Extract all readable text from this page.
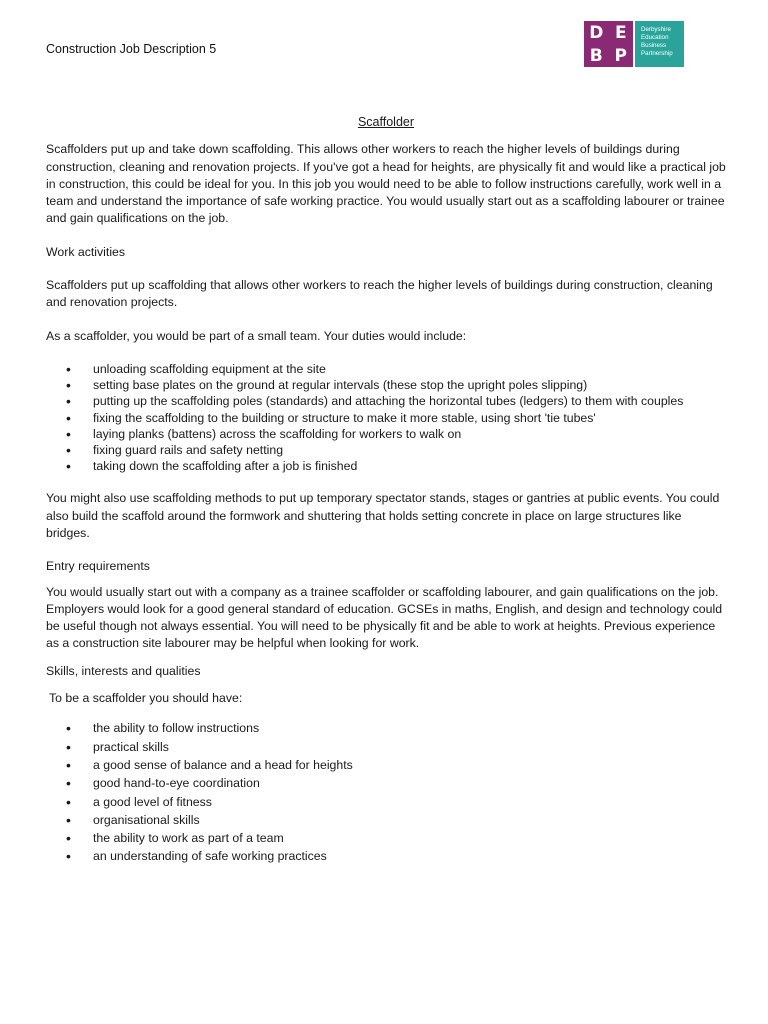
Construction Job Description 5
D E
B P
Derbyshire
Education
Business
Partnership
Scaffolder

Scaffolders put up and take down scaffolding. This allows other workers to reach the higher levels of buildings during construction, cleaning and renovation projects. If you've got a head for heights, are physically fit and would like a practical job in construction, this could be ideal for you. In this job you would need to be able to follow instructions carefully, work well in a team and understand the importance of safe working practice. You would usually start out as a scaffolding labourer or trainee and gain qualifications on the job.

Work activities

Scaffolders put up scaffolding that allows other workers to reach the higher levels of buildings during construction, cleaning and renovation projects.

As a scaffolder, you would be part of a small team. Your duties would include:

• unloading scaffolding equipment at the site
• setting base plates on the ground at regular intervals (these stop the upright poles slipping)
• putting up the scaffolding poles (standards) and attaching the horizontal tubes (ledgers) to them with couples
• fixing the scaffolding to the building or structure to make it more stable, using short 'tie tubes'
• laying planks (battens) across the scaffolding for workers to walk on
• fixing guard rails and safety netting
• taking down the scaffolding after a job is finished

You might also use scaffolding methods to put up temporary spectator stands, stages or gantries at public events. You could also build the scaffold around the formwork and shuttering that holds setting concrete in place on large structures like bridges.

Entry requirements

You would usually start out with a company as a trainee scaffolder or scaffolding labourer, and gain qualifications on the job. Employers would look for a good general standard of education. GCSEs in maths, English, and design and technology could be useful though not always essential. You will need to be physically fit and be able to work at heights. Previous experience as a construction site labourer may be helpful when looking for work.

Skills, interests and qualities
To be a scaffolder you should have:
• the ability to follow instructions
• practical skills
• a good sense of balance and a head for heights
• good hand-to-eye coordination
• a good level of fitness
• organisational skills
• the ability to work as part of a team
• an understanding of safe working practices
